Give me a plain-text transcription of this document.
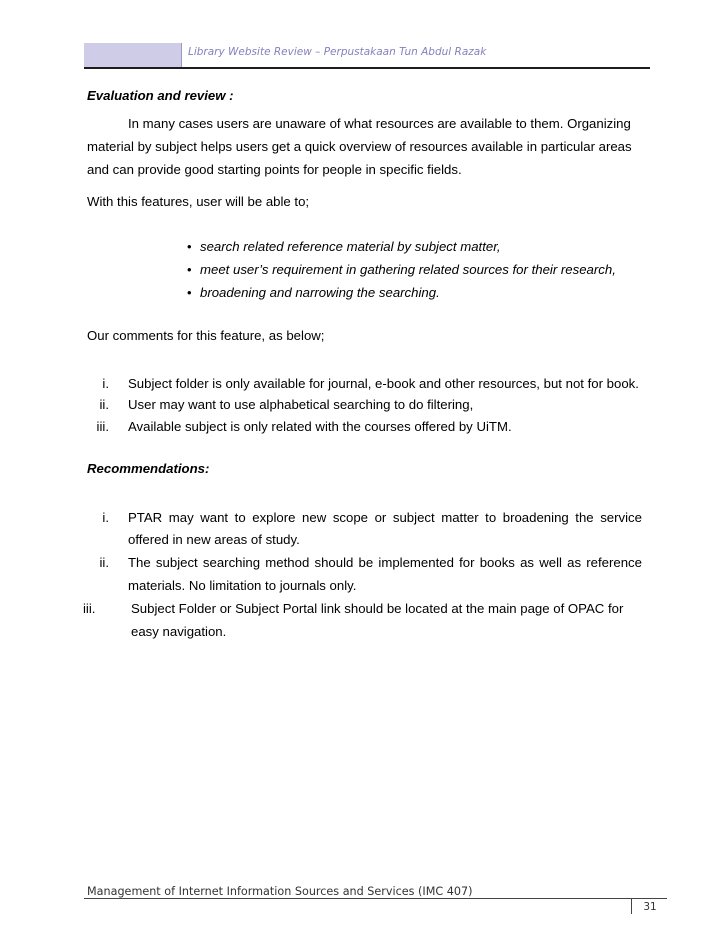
Library Website Review – Perpustakaan Tun Abdul Razak
Evaluation and review :
In many cases users are unaware of what resources are available to them. Organizing
material by subject helps users get a quick overview of resources available in particular areas
and can provide good starting points for people in specific fields.
With this features, user will be able to;
• search related reference material by subject matter,
• meet user’s requirement in gathering related sources for their research,
• broadening and narrowing the searching.
Our comments for this feature, as below;
i. Subject folder is only available for journal, e-book and other resources, but not for book.
ii. User may want to use alphabetical searching to do filtering,
iii. Available subject is only related with the courses offered by UiTM.
Recommendations:
i. PTAR may want to explore new scope or subject matter to broadening the service
offered in new areas of study.
ii. The subject searching method should be implemented for books as well as reference
materials. No limitation to journals only.
iii.	Subject Folder or Subject Portal link should be located at the main page of OPAC for
easy navigation.
Management of Internet Information Sources and Services (IMC 407)
31
